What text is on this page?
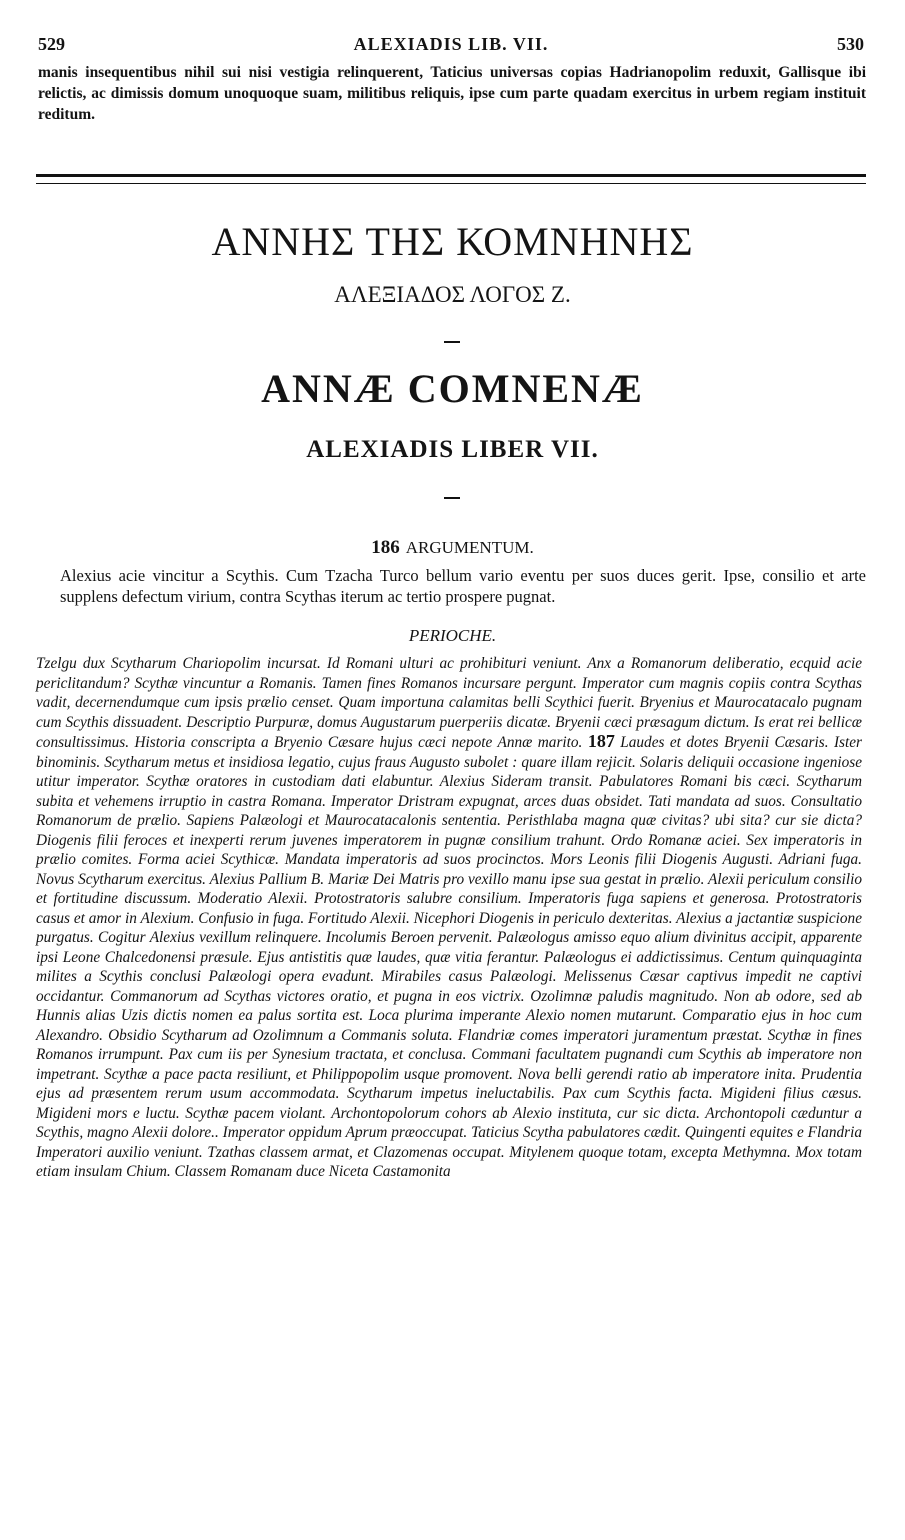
529	ALEXIADIS LIB. VII.	530
manis insequentibus nihil sui nisi vestigia relinquerent, Taticius universas copias Hadrianopolim reduxit, Gallisque ibi relictis, ac dimissis domum unoquoque suam, militibus reliquis, ipse cum parte quadam exercitus in urbem regiam instituit reditum.
ΑΝΝΗΣ ΤΗΣ ΚΟΜΝΗΝΗΣ
ΑΛΕΞΙΑΔΟΣ ΛΟΓΟΣ Ζ.
ANNÆ COMNENÆ
ALEXIADIS LIBER VII.
186 ARGUMENTUM.
Alexius acie vincitur a Scythis. Cum Tzacha Turco bellum vario eventu per suos duces gerit. Ipse, consilio et arte supplens defectum virium, contra Scythas iterum ac tertio prospere pugnat.
PERIOCHE.
Tzelgu dux Scytharum Chariopolim incursat. Id Romani ulturi ac prohibituri veniunt. Anx a Romanorum deliberatio, ecquid acie periclitandum? Scythæ vincuntur a Romanis. Tamen fines Romanos incursare pergunt. Imperator cum magnis copiis contra Scythas vadit, decernendumque cum ipsis prælio censet. Quam importuna calamitas belli Scythici fuerit. Bryenius et Maurocatacalo pugnam cum Scythis dissuadent. Descriptio Purpuræ, domus Augustarum puerperiis dicatæ. Bryenii cæci præsagum dictum. Is erat rei bellicæ consultissimus. Historia conscripta a Bryenio Cæsare hujus cæci nepote Annæ marito. 187 Laudes et dotes Bryenii Cæsaris. Ister binominis. Scytharum metus et insidiosa legatio, cujus fraus Augusto subolet : quare illam rejicit. Solaris deliquii occasione ingeniose utitur imperator. Scythæ oratores in custodiam dati elabuntur. Alexius Sideram transit. Pabulatores Romani bis cæci. Scytharum subita et vehemens irruptio in castra Romana. Imperator Dristram expugnat, arces duas obsidet. Tati mandata ad suos. Consultatio Romanorum de prælio. Sapiens Palæologi et Maurocatacalonis sententia. Peristhlaba magna quæ civitas? ubi sita? cur sie dicta? Diogenis filii feroces et inexperti rerum juvenes imperatorem in pugnæ consilium trahunt. Ordo Romanæ aciei. Sex imperatoris in prælio comites. Forma aciei Scythicæ. Mandata imperatoris ad suos procinctos. Mors Leonis filii Diogenis Augusti. Adriani fuga. Novus Scytharum exercitus. Alexius Pallium B. Mariæ Dei Matris pro vexillo manu ipse sua gestat in prælio. Alexii periculum consilio et fortitudine discussum. Moderatio Alexii. Protostratoris salubre consilium. Imperatoris fuga sapiens et generosa. Protostratoris casus et amor in Alexium. Confusio in fuga. Fortitudo Alexii. Nicephori Diogenis in periculo dexteritas. Alexius a jactantiæ suspicione purgatus. Cogitur Alexius vexillum relinquere. Incolumis Beroen pervenit. Palæologus amisso equo alium divinitus accipit, apparente ipsi Leone Chalcedonensi præsule. Ejus antistitis quæ laudes, quæ vitia ferantur. Palæologus ei addictissimus. Centum quinquaginta milites a Scythis conclusi Palæologi opera evadunt. Mirabiles casus Palæologi. Melissenus Cæsar captivus impedit ne captivi occidantur. Commanorum ad Scythas victores oratio, et pugna in eos victrix. Ozolimnæ paludis magnitudo. Non ab odore, sed ab Hunnis alias Uzis dictis nomen ea palus sortita est. Loca plurima imperante Alexio nomen mutarunt. Comparatio ejus in hoc cum Alexandro. Obsidio Scytharum ad Ozolimnum a Commanis soluta. Flandriæ comes imperatori juramentum præstat. Scythæ in fines Romanos irrumpunt. Pax cum iis per Synesium tractata, et conclusa. Commani facultatem pugnandi cum Scythis ab imperatore non impetrant. Scythæ a pace pacta resiliunt, et Philippopolim usque promovent. Nova belli gerendi ratio ab imperatore inita. Prudentia ejus ad præsentem rerum usum accommodata. Scytharum impetus ineluctabilis. Pax cum Scythis facta. Migideni filius cæsus. Migideni mors e luctu. Scythæ pacem violant. Archontopolorum cohors ab Alexio instituta, cur sic dicta. Archontopoli cæduntur a Scythis, magno Alexii dolore.. Imperator oppidum Aprum præoccupat. Taticius Scytha pabulatores cædit. Quingenti equites e Flandria Imperatori auxilio veniunt. Tzathas classem armat, et Clazomenas occupat. Mitylenem quoque totam, excepta Methymna. Mox totam etiam insulam Chium. Classem Romanam duce Niceta Castamonita
